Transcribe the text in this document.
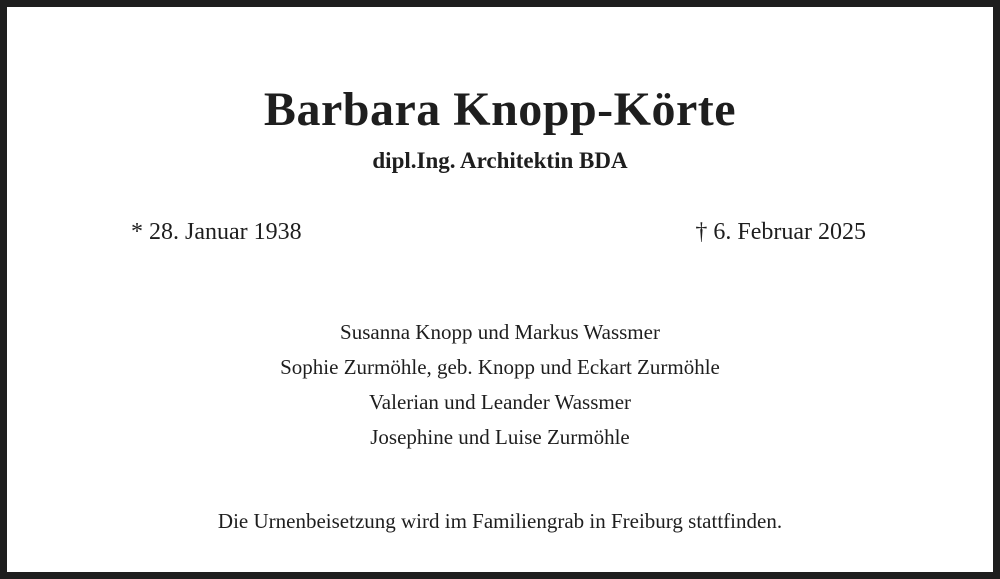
Barbara Knopp-Körte
dipl.Ing. Architektin BDA
* 28. Januar 1938	† 6. Februar 2025
Susanna Knopp und Markus Wassmer
Sophie Zurmöhle, geb. Knopp und Eckart Zurmöhle
Valerian und Leander Wassmer
Josephine und Luise Zurmöhle
Die Urnenbeisetzung wird im Familiengrab in Freiburg stattfinden.
